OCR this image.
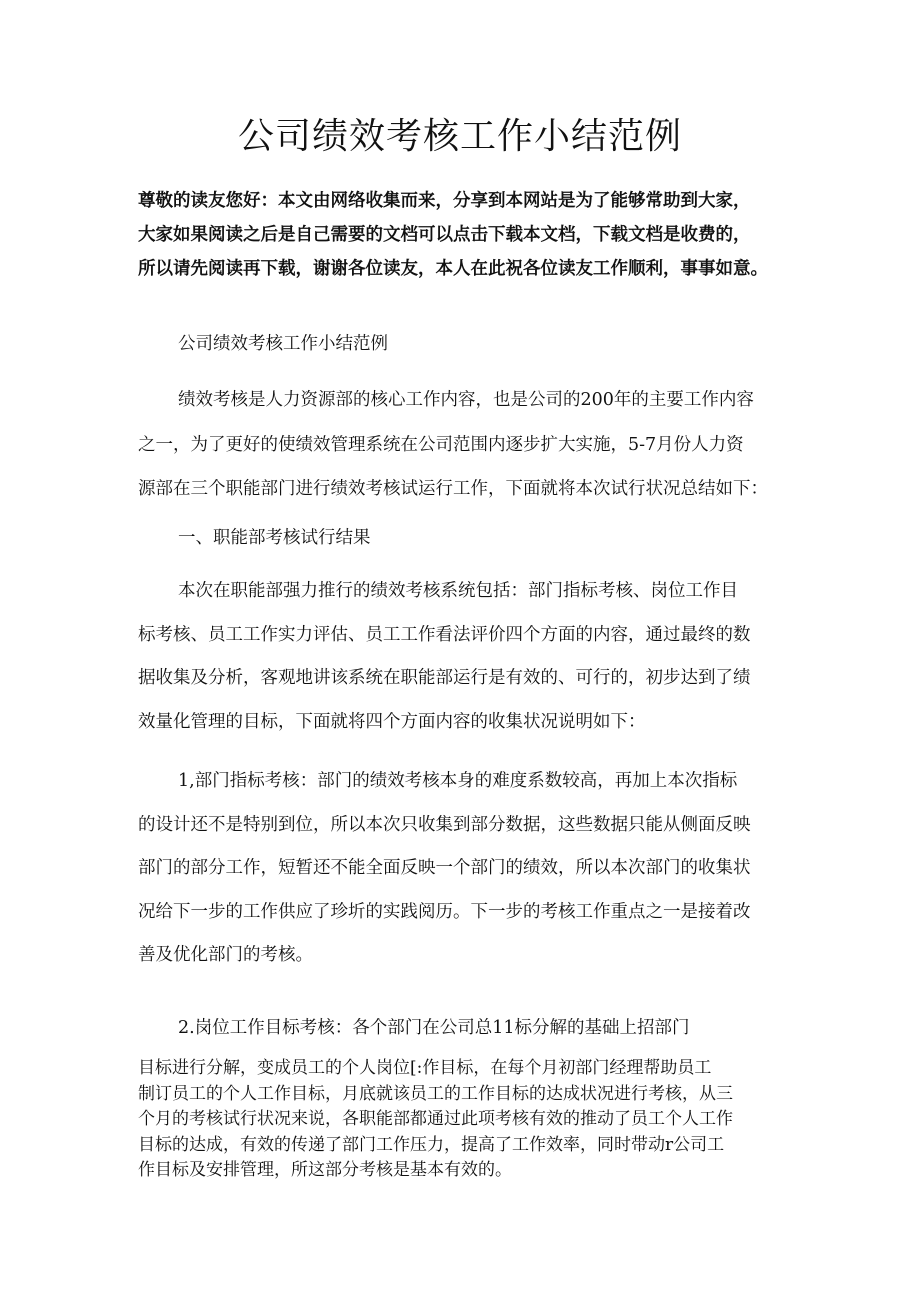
公司绩效考核工作小结范例
尊敬的读友您好：本文由网络收集而来，分享到本网站是为了能够常助到大家，
大家如果阅读之后是自己需要的文档可以点击下载本文档，下载文档是收费的，
所以请先阅读再下载，谢谢各位读友，本人在此祝各位读友工作顺利，事事如意。
公司绩效考核工作小结范例
绩效考核是人力资源部的核心工作内容，也是公司的200年的主要工作内容
之一，为了更好的使绩效管理系统在公司范围内逐步扩大实施，5-7月份人力资
源部在三个职能部门进行绩效考核试运行工作，下面就将本次试行状况总结如下：
一、职能部考核试行结果
本次在职能部强力推行的绩效考核系统包括：部门指标考核、岗位工作目
标考核、员工工作实力评估、员工工作看法评价四个方面的内容，通过最终的数
据收集及分析，客观地讲该系统在职能部运行是有效的、可行的，初步达到了绩
效量化管理的目标，下面就将四个方面内容的收集状况说明如下：
1,部门指标考核：部门的绩效考核本身的难度系数较高，再加上本次指标
的设计还不是特别到位，所以本次只收集到部分数据，这些数据只能从侧面反映
部门的部分工作，短暂还不能全面反映一个部门的绩效，所以本次部门的收集状
况给下一步的工作供应了珍圻的实践阅历。下一步的考核工作重点之一是接着改
善及优化部门的考核。
2.岗位工作目标考核：各个部门在公司总11标分解的基础上招部门
目标进行分解，变成员工的个人岗位[:作目标，在每个月初部门经理帮助员工
制订员工的个人工作目标，月底就该员工的工作目标的达成状况进行考核，从三
个月的考核试行状况来说，各职能部都通过此项考核有效的推动了员工个人工作
目标的达成，有效的传递了部门工作压力，提高了工作效率，同时带动r公司工
作目标及安排管理，所这部分考核是基本有效的。
